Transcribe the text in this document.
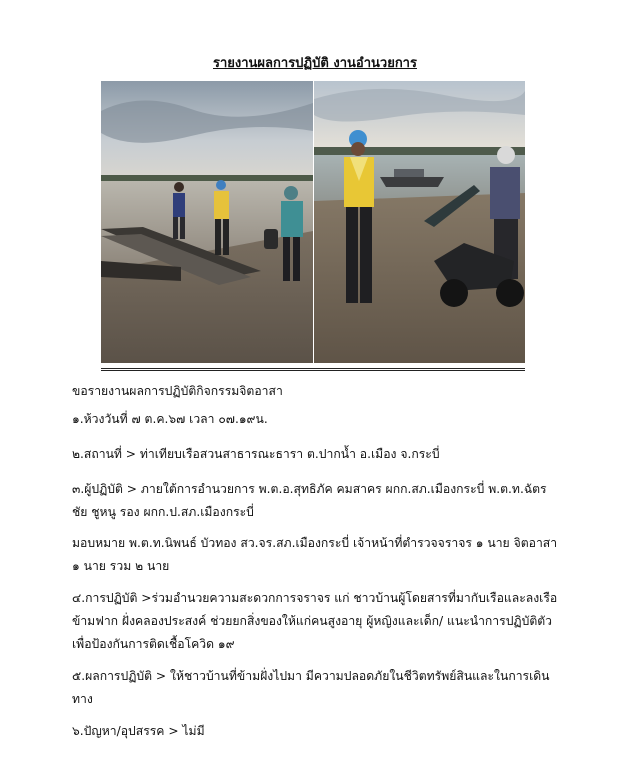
รายงานผลการปฏิบัติ งานอำนวยการ

ขอรายงานผลการปฏิบัติกิจกรรมจิตอาสา

๑.ห้วงวันที่ ๗ ต.ค.๖๗ เวลา ๐๗.๑๙น.

๒.สถานที่ > ท่าเทียบเรือสวนสาธารณะธารา ต.ปากน้ำ อ.เมือง จ.กระบี่

๓.ผู้ปฏิบัติ > ภายใต้การอำนวยการ พ.ต.อ.สุทธิภัค คมสาคร ผกก.สภ.เมืองกระบี่ พ.ต.ท.ฉัตรชัย ชูหนู รอง ผกก.ป.สภ.เมืองกระบี่

มอบหมาย พ.ต.ท.นิพนธ์ บัวทอง สว.จร.สภ.เมืองกระบี่ เจ้าหน้าที่ตำรวจจราจร ๑ นาย จิตอาสา ๑ นาย รวม ๒ นาย

๔.การปฏิบัติ >ร่วมอำนวยความสะดวกการจราจร แก่ ชาวบ้านผู้โดยสารที่มากับเรือและลงเรือข้ามฟาก ฝั่งคลองประสงค์ ช่วยยกสิ่งของให้แก่คนสูงอายุ ผู้หญิงและเด็ก/ แนะนำการปฏิบัติตัว เพื่อป้องกันการติดเชื้อโควิด ๑๙

๕.ผลการปฏิบัติ > ให้ชาวบ้านที่ข้ามฝั่งไปมา มีความปลอดภัยในชีวิตทรัพย์สินและในการเดินทาง

๖.ปัญหา/อุปสรรค > ไม่มี
